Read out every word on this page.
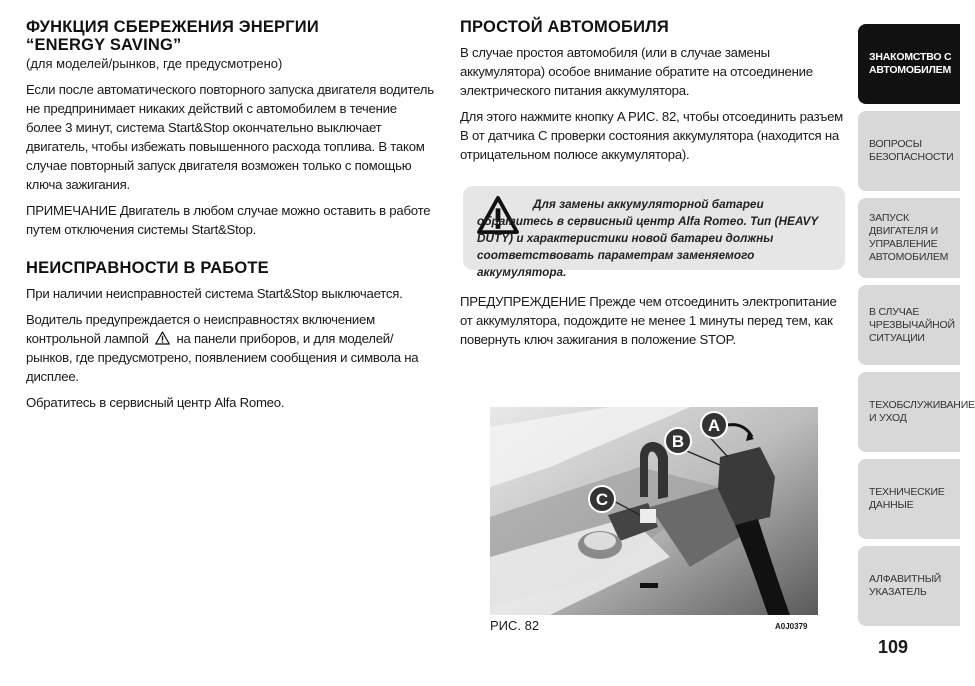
ФУНКЦИЯ СБЕРЕЖЕНИЯ ЭНЕРГИИ
“ENERGY SAVING”
(для моделей/рынков, где предусмотрено)

Если после автоматического повторного запуска двигателя водитель не предпринимает никаких действий с автомобилем в течение более 3 минут, система Start&Stop окончательно выключает двигатель, чтобы избежать повышенного расхода топлива. В таком случае повторный запуск двигателя возможен только с помощью ключа зажигания.

ПРИМЕЧАНИЕ Двигатель в любом случае можно оставить в работе путем отключения системы Start&Stop.

НЕИСПРАВНОСТИ В РАБОТЕ

При наличии неисправностей система Start&Stop выключается.

Водитель предупреждается о неисправностях включением контрольной лампой на панели приборов, и для моделей/рынков, где предусмотрено, появлением сообщения и символа на дисплее.

Обратитесь в сервисный центр Alfa Romeo.

ПРОСТОЙ АВТОМОБИЛЯ

В случае простоя автомобиля (или в случае замены аккумулятора) особое внимание обратите на отсоединение электрического питания аккумулятора.

Для этого нажмите кнопку A РИС. 82, чтобы отсоединить разъем B от датчика C проверки состояния аккумулятора (находится на отрицательном полюсе аккумулятора).

Для замены аккумуляторной батареи обратитесь в сервисный центр Alfa Romeo. Тип (HEAVY DUTY) и характеристики новой батареи должны соответствовать параметрам заменяемого аккумулятора.

ПРЕДУПРЕЖДЕНИЕ Прежде чем отсоединить электропитание от аккумулятора, подождите не менее 1 минуты перед тем, как повернуть ключ зажигания в положение STOP.

A
B
C
РИС. 82	A0J0379
ЗНАКОМСТВО С
АВТОМОБИЛЕМ
ВОПРОСЫ
БЕЗОПАСНОСТИ
ЗАПУСК ДВИГАТЕЛЯ И
УПРАВЛЕНИЕ
АВТОМОБИЛЕМ
В СЛУЧАЕ
ЧРЕЗВЫЧАЙНОЙ
СИТУАЦИИ
ТЕХОБСЛУЖИВАНИЕ
И УХОД
ТЕХНИЧЕСКИЕ
ДАННЫЕ
АЛФАВИТНЫЙ
УКАЗАТЕЛЬ
109
